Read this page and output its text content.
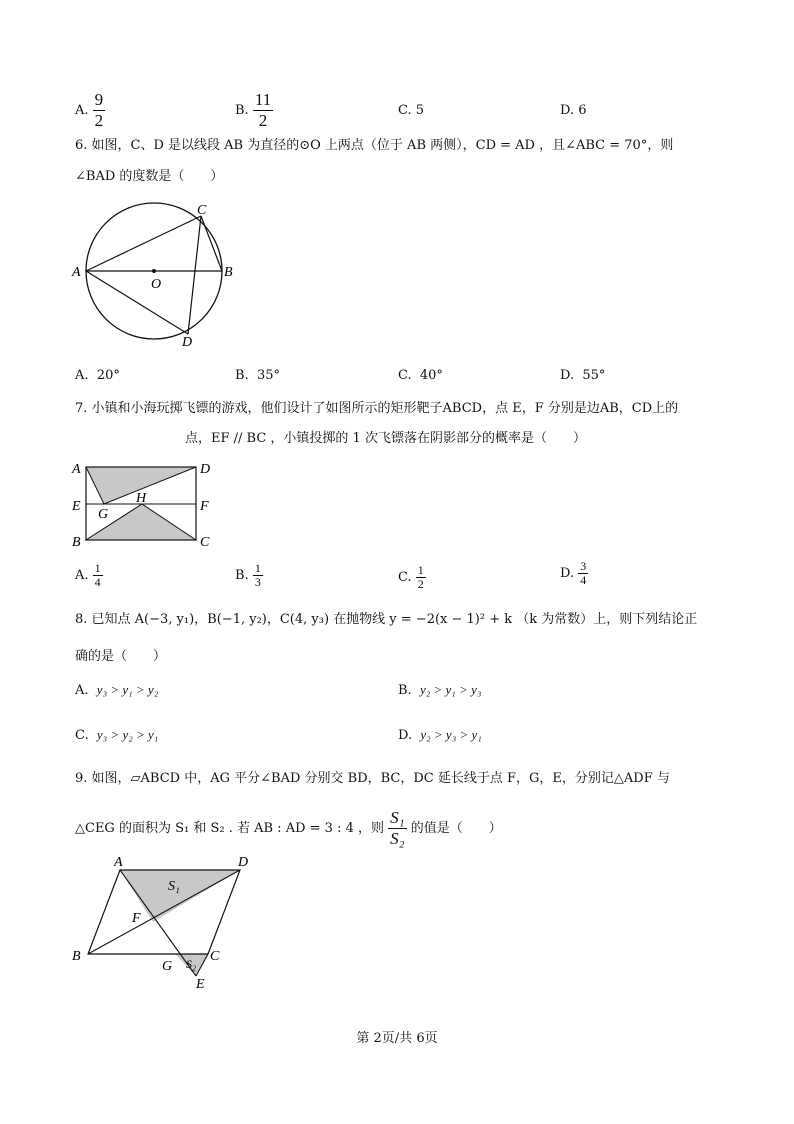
A. $\frac{9}{2}$	B. $\frac{11}{2}$	C. 5	D. 6
6. 如图，C、D 是以线段 AB 为直径的⊙O 上两点（位于 AB 两侧），CD = AD ，且∠ABC = 70°，则
∠BAD 的度数是（　　）
A	B
C
D
O
A. 20°	B. 35°	C. 40°	D. 55°
7. 小镇和小海玩掷飞镖的游戏，他们设计了如图所示的矩形靶子ABCD，点 E，F 分别是边AB，CD上的
点，EF // BC ，小镇投掷的 1 次飞镖落在阴影部分的概率是（　　）
A	D
E	F
G
H
B	C
A. $\frac{1}{4}$	B. $\frac{1}{3}$	C. $\frac{1}{2}$	D. $\frac{3}{4}$
8. 已知点 A(−3, y₁)，B(−1, y₂)，C(4, y₃) 在抛物线 y = −2(x − 1)² + k （k 为常数）上，则下列结论正
确的是（　　）
A. y₃ > y₁ > y₂	B. y₂ > y₁ > y₃
C. y₃ > y₂ > y₁	D. y₂ > y₃ > y₁
9. 如图，▱ABCD 中，AG 平分∠BAD 分别交 BD，BC，DC 延长线于点 F，G，E，分别记△ADF 与
△CEG 的面积为 S₁ 和 S₂ . 若 AB : AD = 3 : 4 ，则 $\frac{\text{S₁}}{\text{S₂}}$ 的值是（　　）
A	D
S₁
F
B
G S₂ C
E
第 2页/共 6页
